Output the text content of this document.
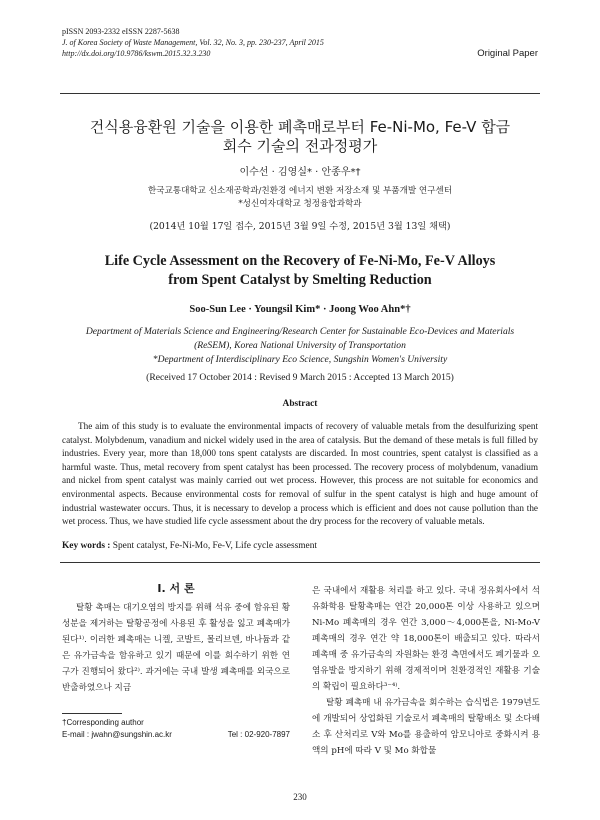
pISSN 2093-2332 eISSN 2287-5638
J. of Korea Society of Waste Management, Vol. 32, No. 3, pp. 230-237, April 2015
http://dx.doi.org/10.9786/kswm.2015.32.3.230	Original Paper
건식용융환원 기술을 이용한 폐촉매로부터 Fe-Ni-Mo, Fe-V 합금
회수 기술의 전과정평가
이수선 · 김영실* · 안종우*†
한국교통대학교 신소재공학과/친환경 에너지 변환 저장소재 및 부품개발 연구센터
*성신여자대학교 청정융합과학과
(2014년 10월 17일 접수, 2015년 3월 9일 수정, 2015년 3월 13일 채택)
Life Cycle Assessment on the Recovery of Fe-Ni-Mo, Fe-V Alloys
from Spent Catalyst by Smelting Reduction
Soo-Sun Lee · Youngsil Kim* · Joong Woo Ahn*†
Department of Materials Science and Engineering/Research Center for Sustainable Eco-Devices and Materials
(ReSEM), Korea National University of Transportation
*Department of Interdisciplinary Eco Science, Sungshin Women's University
(Received 17 October 2014 : Revised 9 March 2015 : Accepted 13 March 2015)
Abstract
The aim of this study is to evaluate the environmental impacts of recovery of valuable metals from the desulfurizing spent catalyst. Molybdenum, vanadium and nickel widely used in the area of catalysis. But the demand of these metals is full filled by industries. Every year, more than 18,000 tons spent catalysts are discarded. In most countries, spent catalyst is classified as a harmful waste. Thus, metal recovery from spent catalyst has been processed. The recovery process of molybdenum, vanadium and nickel from spent catalyst was mainly carried out wet process. However, this process are not suitable for economics and environmental aspects. Because environmental costs for removal of sulfur in the spent catalyst is high and huge amount of industrial wastewater occurs. Thus, it is necessary to develop a process which is efficient and does not cause pollution than the wet process. Thus, we have studied life cycle assessment about the dry process for the recovery of valuable metals.
Key words : Spent catalyst, Fe-Ni-Mo, Fe-V, Life cycle assessment
I. 서 론
탈황 촉매는 대기오염의 방지를 위해 석유 중에 함유된 황성분을 제거하는 탈황공정에 사용된 후 활성을 잃고 폐촉매가 된다¹⁾. 이러한 폐촉매는 니켈, 코발트, 몰리브덴, 바나듐과 같은 유가금속을 함유하고 있기 때문에 이를 회수하기 위한 연구가 진행되어 왔다²⁾. 과거에는 국내 발생 폐촉매를 외국으로 반출하였으나 지금
은 국내에서 재활용 처리를 하고 있다. 국내 정유회사에서 석유화학용 탈황촉매는 연간 20,000톤 이상 사용하고 있으며 Ni-Mo 폐촉매의 경우 연간 3,000～4,000톤을, Ni-Mo-V 폐촉매의 경우 연간 약 18,000톤이 배출되고 있다. 따라서 폐촉매 중 유가금속의 자원화는 환경 측면에서도 폐기물과 오염유발을 방지하기 위해 경제적이며 친환경적인 재활용 기술의 확립이 필요하다³⁻⁴⁾.
탈황 폐촉매 내 유가금속을 회수하는 습식법은 1979년도에 개발되어 상업화된 기술로서 폐촉매의 탈황배소 및 소다배소 후 산처리로 V와 Mo를 용출하여 암모니아로 중화시켜 용액의 pH에 따라 V 및 Mo 화합물
†Corresponding author
E-mail : jwahn@sungshin.ac.kr	Tel : 02-920-7897
230
